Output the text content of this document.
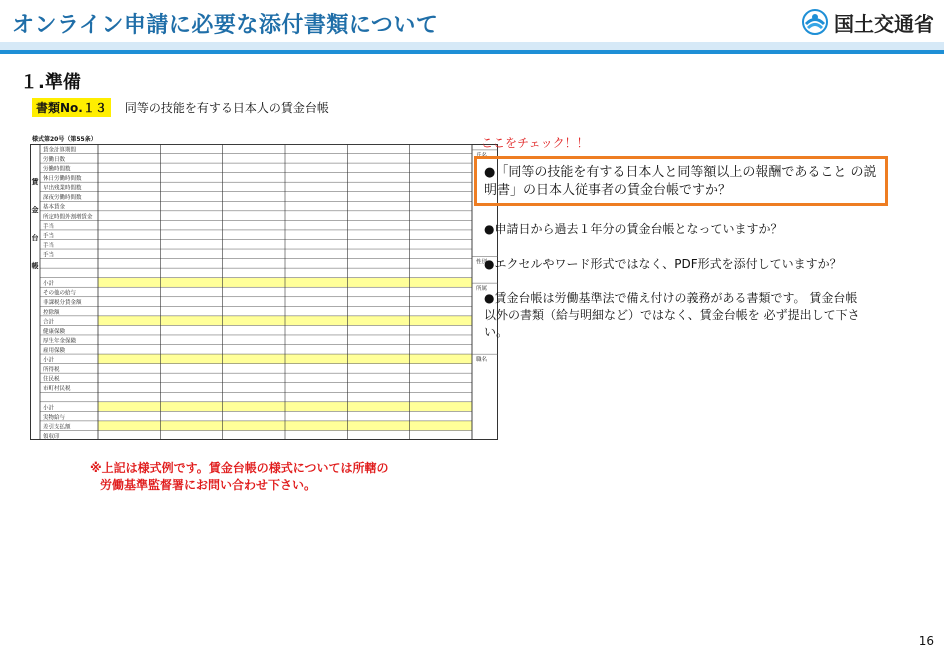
オンライン申請に必要な添付書類について	国土交通省
１.準備
書類No.１３	同等の技能を有する日本人の賃金台帳
様式第20号（第55条）
賃金計算期間
労働日数
労働時間数
休日労働時間数
早出残業時間数
深夜労働時間数
基本賃金
所定時間外割増賃金
手当
手当
手当
手当
小計
その他の給与
非課税分賃金額
控除額
合計
健康保険
厚生年金保険
雇用保険
小計
所得税
住民税
市町村民税
小計
実物給与
差引支払額
領収印
賃
金
台
帳
氏名
性別
所属
職名
ここをチェック！！
●「同等の技能を有する日本人と同等額以上の報酬であること の説明書」の日本人従事者の賃金台帳ですか？
●申請日から過去１年分の賃金台帳となっていますか？
●エクセルやワード形式ではなく、PDF形式を添付していますか？
●賃金台帳は労働基準法で備え付けの義務がある書類です。 賃金台帳以外の書類（給与明細など）ではなく、賃金台帳を 必ず提出して下さい。
※上記は様式例です。賃金台帳の様式については所轄の
労働基準監督署にお問い合わせ下さい。
16
